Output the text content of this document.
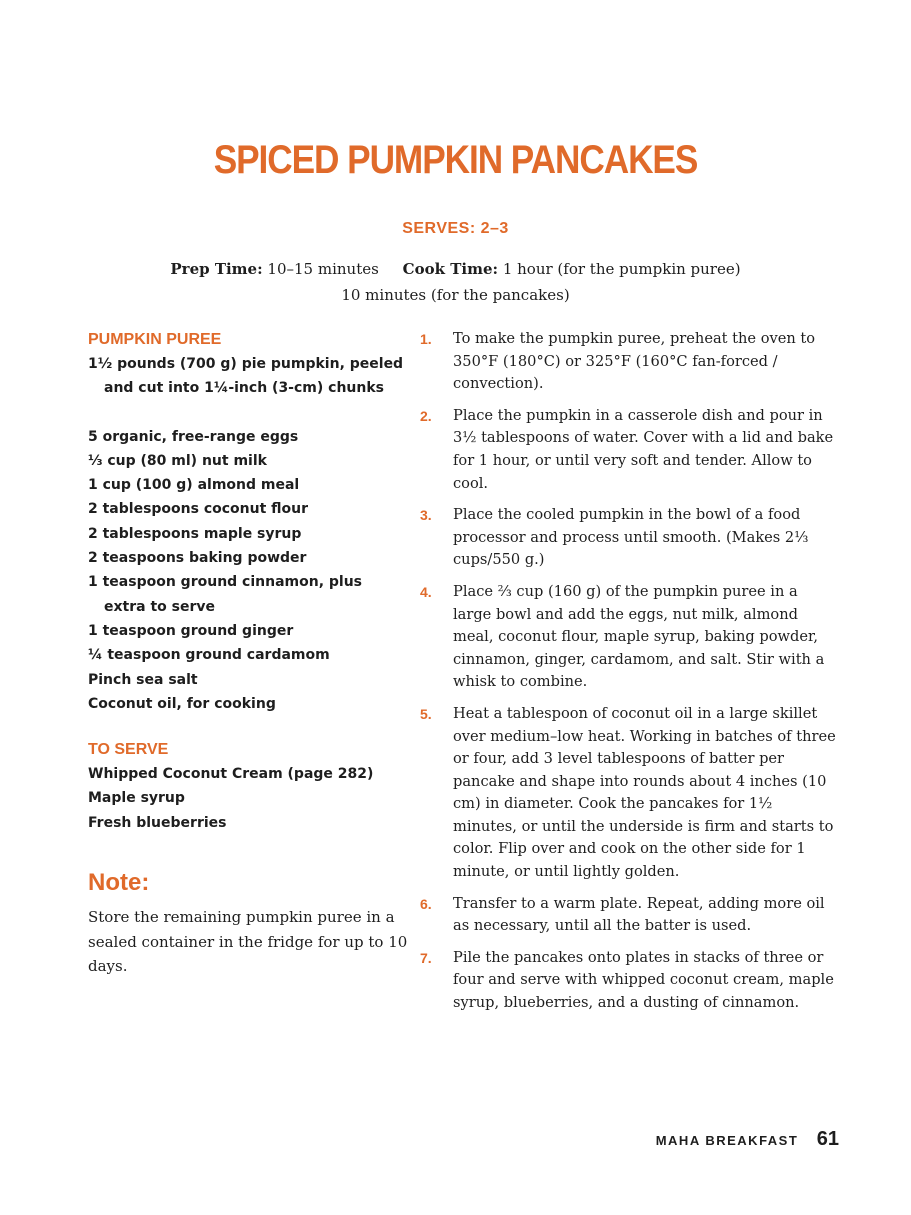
SPICED PUMPKIN PANCAKES
SERVES: 2–3
Prep Time: 10–15 minutes Cook Time: 1 hour (for the pumpkin puree)
10 minutes (for the pancakes)

PUMPKIN PUREE

1½ pounds (700 g) pie pumpkin, peeled and cut into 1¼-inch (3-cm) chunks

5 organic, free-range eggs

⅓ cup (80 ml) nut milk

1 cup (100 g) almond meal

2 tablespoons coconut flour

2 tablespoons maple syrup

2 teaspoons baking powder

1 teaspoon ground cinnamon, plus extra to serve

1 teaspoon ground ginger

¼ teaspoon ground cardamom

Pinch sea salt

Coconut oil, for cooking

TO SERVE

Whipped Coconut Cream (page 282)

Maple syrup

Fresh blueberries

Note:

Store the remaining pumpkin puree in a sealed container in the fridge for up to 10 days.

1.	To make the pumpkin puree, preheat the oven to 350°F (180°C) or 325°F (160°C fan-forced / convection).
2.	Place the pumpkin in a casserole dish and pour in 3½ tablespoons of water. Cover with a lid and bake for 1 hour, or until very soft and tender. Allow to cool.
3.	Place the cooled pumpkin in the bowl of a food processor and process until smooth. (Makes 2⅓ cups/550 g.)
4.	Place ⅔ cup (160 g) of the pumpkin puree in a large bowl and add the eggs, nut milk, almond meal, coconut flour, maple syrup, baking powder, cinnamon, ginger, cardamom, and salt. Stir with a whisk to combine.
5.	Heat a tablespoon of coconut oil in a large skillet over medium–low heat. Working in batches of three or four, add 3 level tablespoons of batter per pancake and shape into rounds about 4 inches (10 cm) in diameter. Cook the pancakes for 1½ minutes, or until the underside is firm and starts to color. Flip over and cook on the other side for 1 minute, or until lightly golden.
6.	Transfer to a warm plate. Repeat, adding more oil as necessary, until all the batter is used.
7.	Pile the pancakes onto plates in stacks of three or four and serve with whipped coconut cream, maple syrup, blueberries, and a dusting of cinnamon.
MAHA BREAKFAST 61
